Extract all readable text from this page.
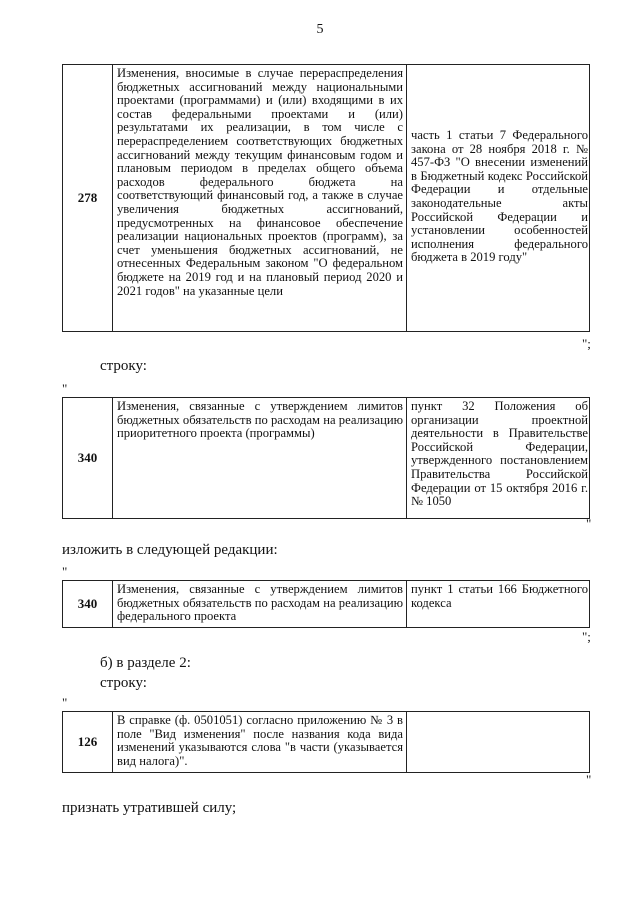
5
278
Изменения, вносимые в случае перераспределения бюджетных ассигнований между национальными проектами (программами) и (или) входящими в их состав федеральными проектами и (или) результатами их реализации, в том числе с перераспределением соответствующих бюджетных ассигнований между текущим финансовым годом и плановым периодом в пределах общего объема расходов федерального бюджета на соответствующий финансовый год, а также в случае увеличения бюджетных ассигнований, предусмотренных на финансовое обеспечение реализации национальных проектов (программ), за счет уменьшения бюджетных ассигнований, не отнесенных Федеральным законом "О федеральном бюджете на 2019 год и на плановый период 2020 и 2021 годов" на указанные цели
часть 1 статьи 7 Федерального закона от 28 ноября 2018 г. № 457-ФЗ "О внесении изменений в Бюджетный кодекс Российской Федерации и отдельные законодательные акты Российской Федерации и установлении особенностей исполнения федерального бюджета в 2019 году"
";
строку:
"
340
Изменения, связанные с утверждением лимитов бюджетных обязательств по расходам на реализацию приоритетного проекта (программы)
пункт 32 Положения об организации проектной деятельности в Правительстве Российской Федерации, утвержденного постановлением Правительства Российской Федерации от 15 октября 2016 г. № 1050
"
изложить в следующей редакции:
"
340
Изменения, связанные с утверждением лимитов бюджетных обязательств по расходам на реализацию федерального проекта
пункт 1 статьи 166 Бюджетного кодекса
";
б) в разделе 2:
строку:
"
126
В справке (ф. 0501051) согласно приложению № 3 в поле "Вид изменения" после названия кода вида изменений указываются слова "в части (указывается вид налога)".
"
признать утратившей силу;
